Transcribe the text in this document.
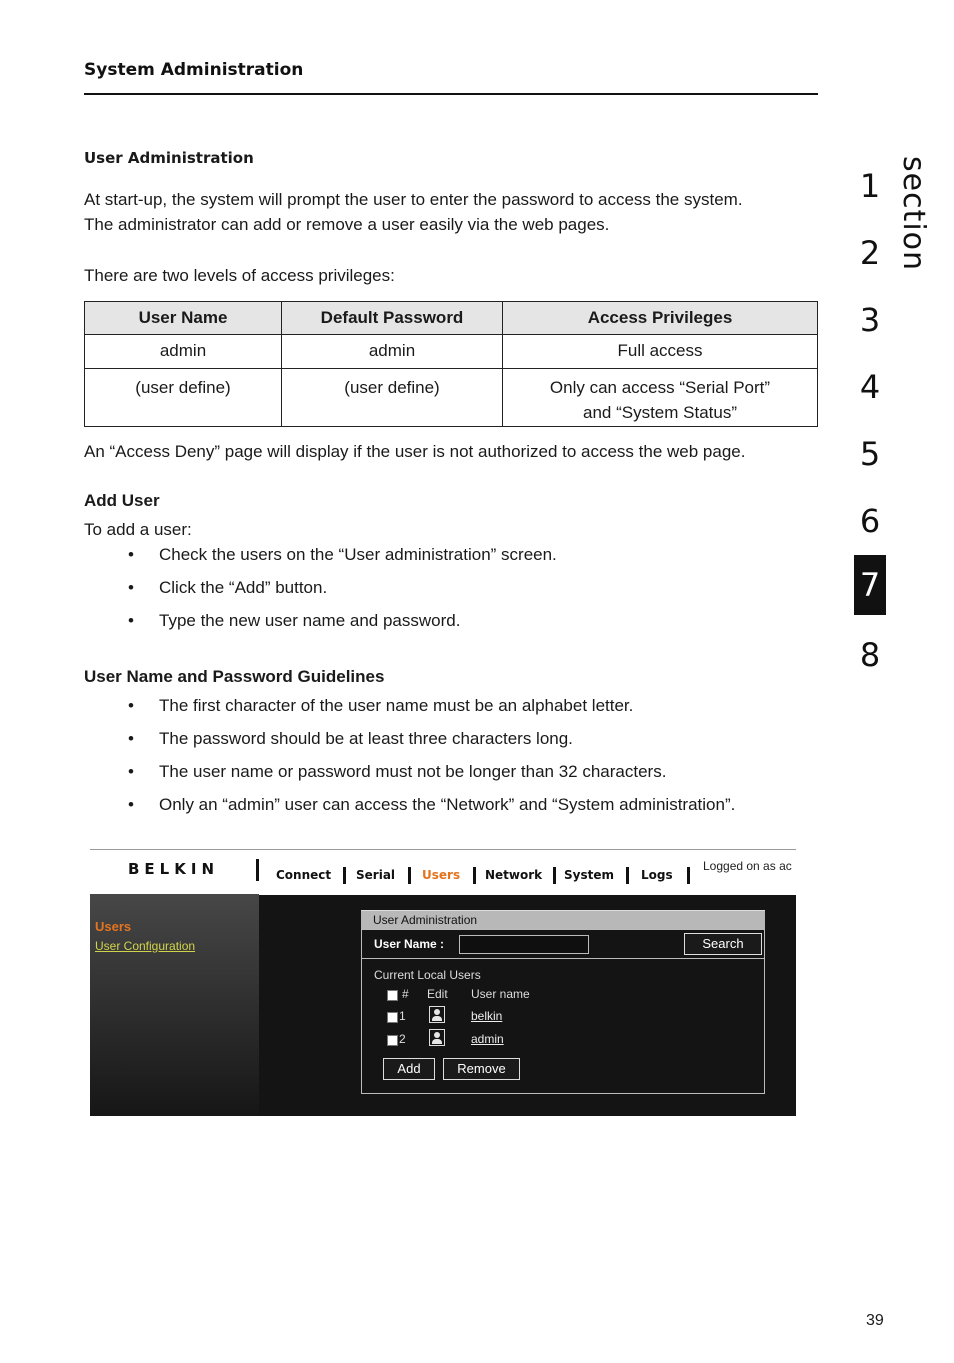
System Administration
section
1
2
3
4
5
6
7
8
User Administration
At start-up, the system will prompt the user to enter the password to access the system.
The administrator can add or remove a user easily via the web pages.
There are two levels of access privileges:
User Name	Default Password	Access Privileges
admin	admin	Full access
(user define)	(user define)	Only can access “Serial Port”
and “System Status”
An “Access Deny” page will display if the user is not authorized to access the web page.
Add User
To add a user:
• Check the users on the “User administration” screen.
• Click the “Add” button.
• Type the new user name and password.
User Name and Password Guidelines
• The first character of the user name must be an alphabet letter.
• The password should be at least three characters long.
• The user name or password must not be longer than 32 characters.
• Only an “admin” user can access the “Network” and “System administration”.
BELKIN	Connect Serial Users Network System Logs
Logged on as ac
Users
User Configuration
User Administration
User Name :	Search
Current Local Users
# Edit User name
1	belkin
2	admin
Add	Remove
39
